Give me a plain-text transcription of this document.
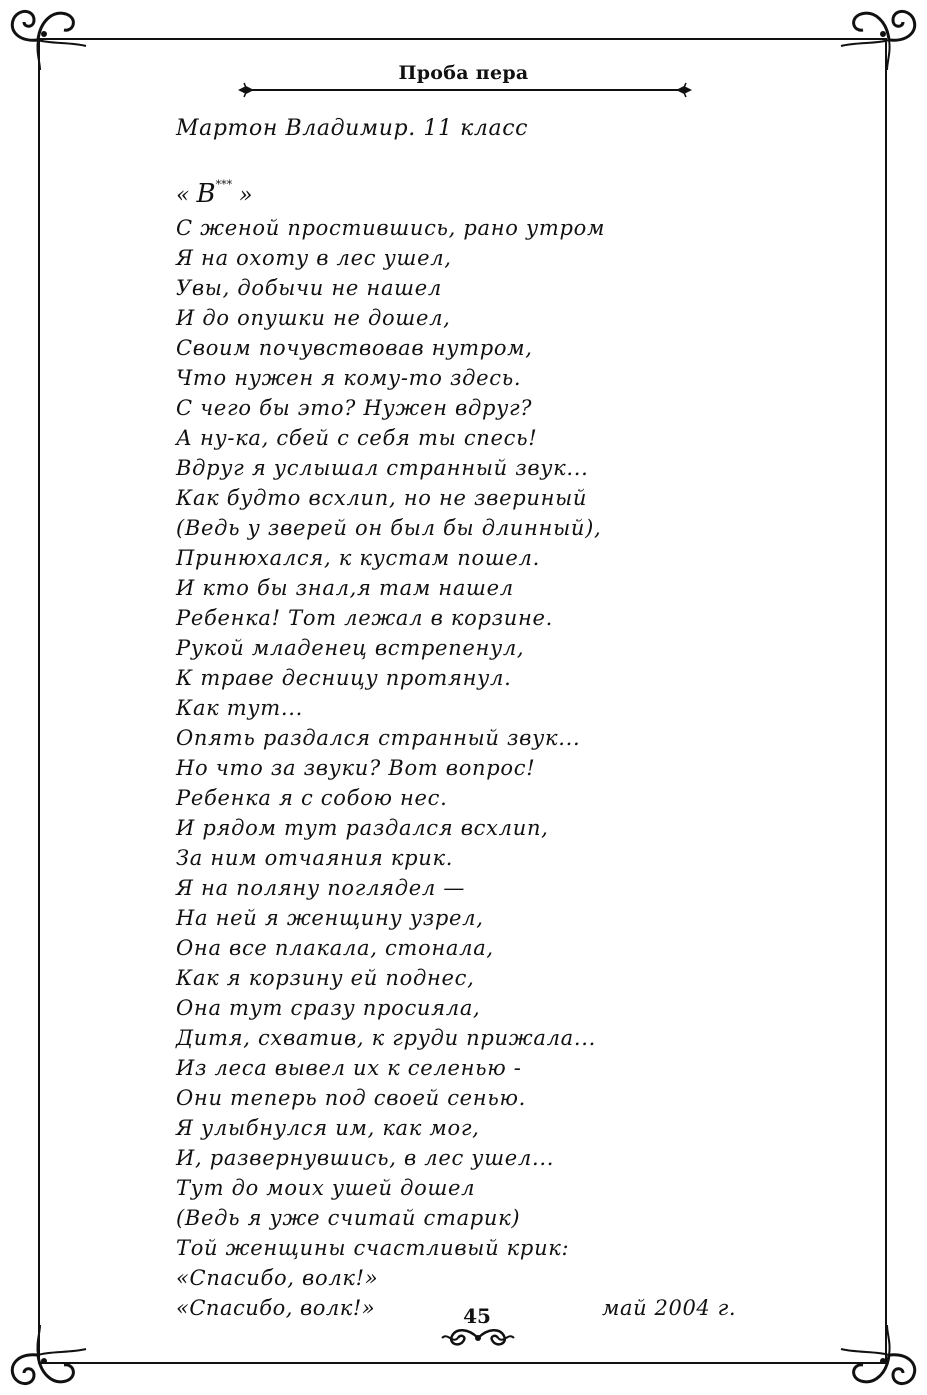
Проба пера
Мартон Владимир. 11 класс
« В*** »
С женой простившись, рано утром
Я на охоту в лес ушел,
Увы, добычи не нашел
И до опушки не дошел,
Своим почувствовав нутром,
Что нужен я кому-то здесь.
С чего бы это? Нужен вдруг?
А ну-ка, сбей с себя ты спесь!
Вдруг я услышал странный звук...
Как будто всхлип, но не звериный
(Ведь у зверей он был бы длинный),
Принюхался, к кустам пошел.
И кто бы знал,я там нашел
Ребенка! Тот лежал в корзине.
Рукой младенец встрепенул,
К траве десницу протянул.
Как тут...
Опять раздался странный звук...
Но что за звуки? Вот вопрос!
Ребенка я с собою нес.
И рядом тут раздался всхлип,
За ним отчаяния крик.
Я на поляну поглядел —
На ней я женщину узрел,
Она все плакала, стонала,
Как я корзину ей поднес,
Она тут сразу просияла,
Дитя, схватив, к груди прижала...
Из леса вывел их к селенью -
Они теперь под своей сенью.
Я улыбнулся им, как мог,
И, развернувшись, в лес ушел...
Тут до моих ушей дошел
(Ведь я уже считай старик)
Той женщины счастливый крик:
«Спасибо, волк!»
«Спасибо, волк!»	45	май 2004 г.
